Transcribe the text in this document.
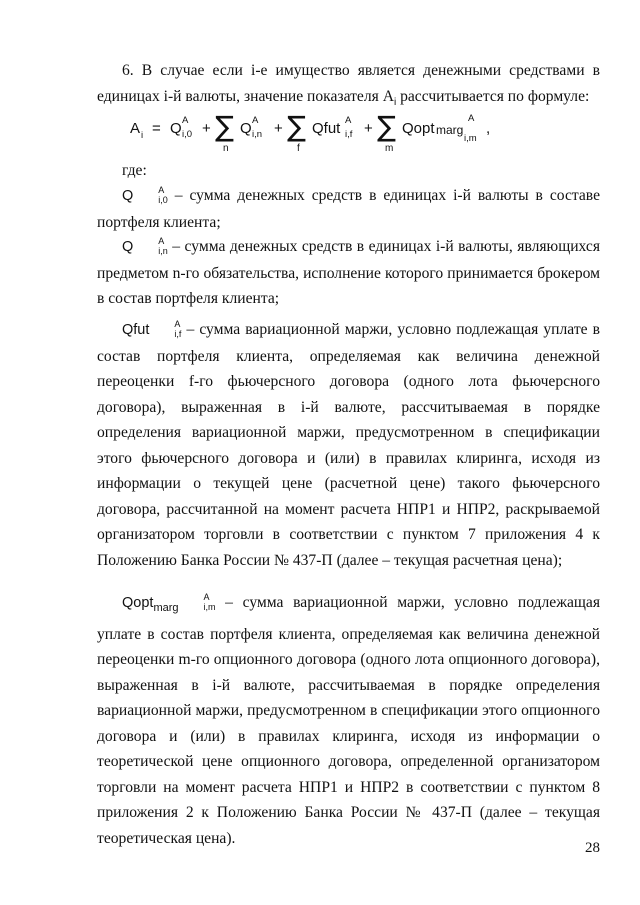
6. В случае если i-е имущество является денежными средствами в единицах i-й валюты, значение показателя $A_i$ рассчитывается по формуле:

A i = Q A
i,0 + ∑
n
Q A
i,n + ∑
f
Qfut A
i,f + ∑
m
Qopt marg
A
i,m
,

где:

Q	A
i,0 – сумма денежных средств в единицах i-й валюты в составе портфеля клиента;

Q	A
i,n – сумма денежных средств в единицах i-й валюты, являющихся предметом n-го обязательства, исполнение которого принимается брокером в состав портфеля клиента;

Qfut	A
i,f – сумма вариационной маржи, условно подлежащая уплате в состав портфеля клиента, определяемая как величина денежной переоценки f-го фьючерсного договора (одного лота фьючерсного договора), выраженная в i-й валюте, рассчитываемая в порядке определения вариационной маржи, предусмотренном в спецификации этого фьючерсного договора и (или) в правилах клиринга, исходя из информации о текущей цене (расчетной цене) такого фьючерсного договора, рассчитанной на момент расчета НПР1 и НПР2, раскрываемой организатором торговли в соответствии с пунктом 7 приложения 4 к Положению Банка России № 437-П (далее – текущая расчетная цена);

Qopt$_{marg}$
A
i,m – сумма вариационной маржи, условно подлежащая уплате в состав портфеля клиента, определяемая как величина денежной переоценки m-го опционного договора (одного лота опционного договора), выраженная в i-й валюте, рассчитываемая в порядке определения вариационной маржи, предусмотренном в спецификации этого опционного договора и (или) в правилах клиринга, исходя из информации о теоретической цене опционного договора, определенной организатором торговли на момент расчета НПР1 и НПР2 в соответствии с пунктом 8 приложения 2 к Положению Банка России № 437-П (далее – текущая теоретическая цена).

28
